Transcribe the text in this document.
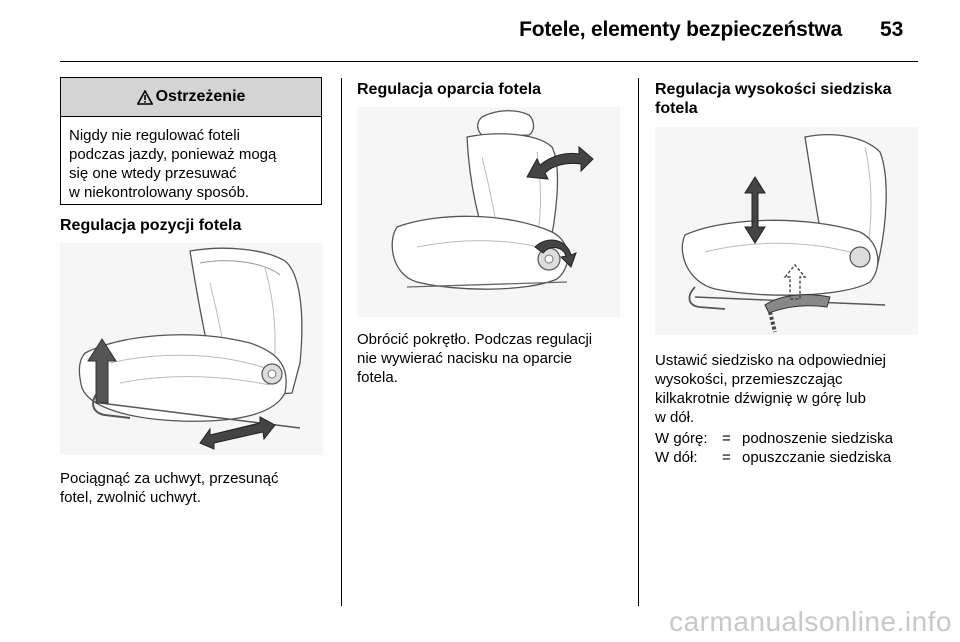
Fotele, elementy bezpieczeństwa 53
Ostrzeżenie
Nigdy nie regulować foteli
podczas jazdy, ponieważ mogą
się one wtedy przesuwać
w niekontrolowany sposób.
Regulacja pozycji fotela
Pociągnąć za uchwyt, przesunąć
fotel, zwolnić uchwyt.
Regulacja oparcia fotela
Obrócić pokrętło. Podczas regulacji
nie wywierać nacisku na oparcie
fotela.
Regulacja wysokości siedziska
fotela
Ustawić siedzisko na odpowiedniej
wysokości, przemieszczając
kilkakrotnie dźwignię w górę lub
w dół.
W górę: = podnoszenie siedziska
W dół:	= opuszczanie siedziska
carmanualsonline.info
